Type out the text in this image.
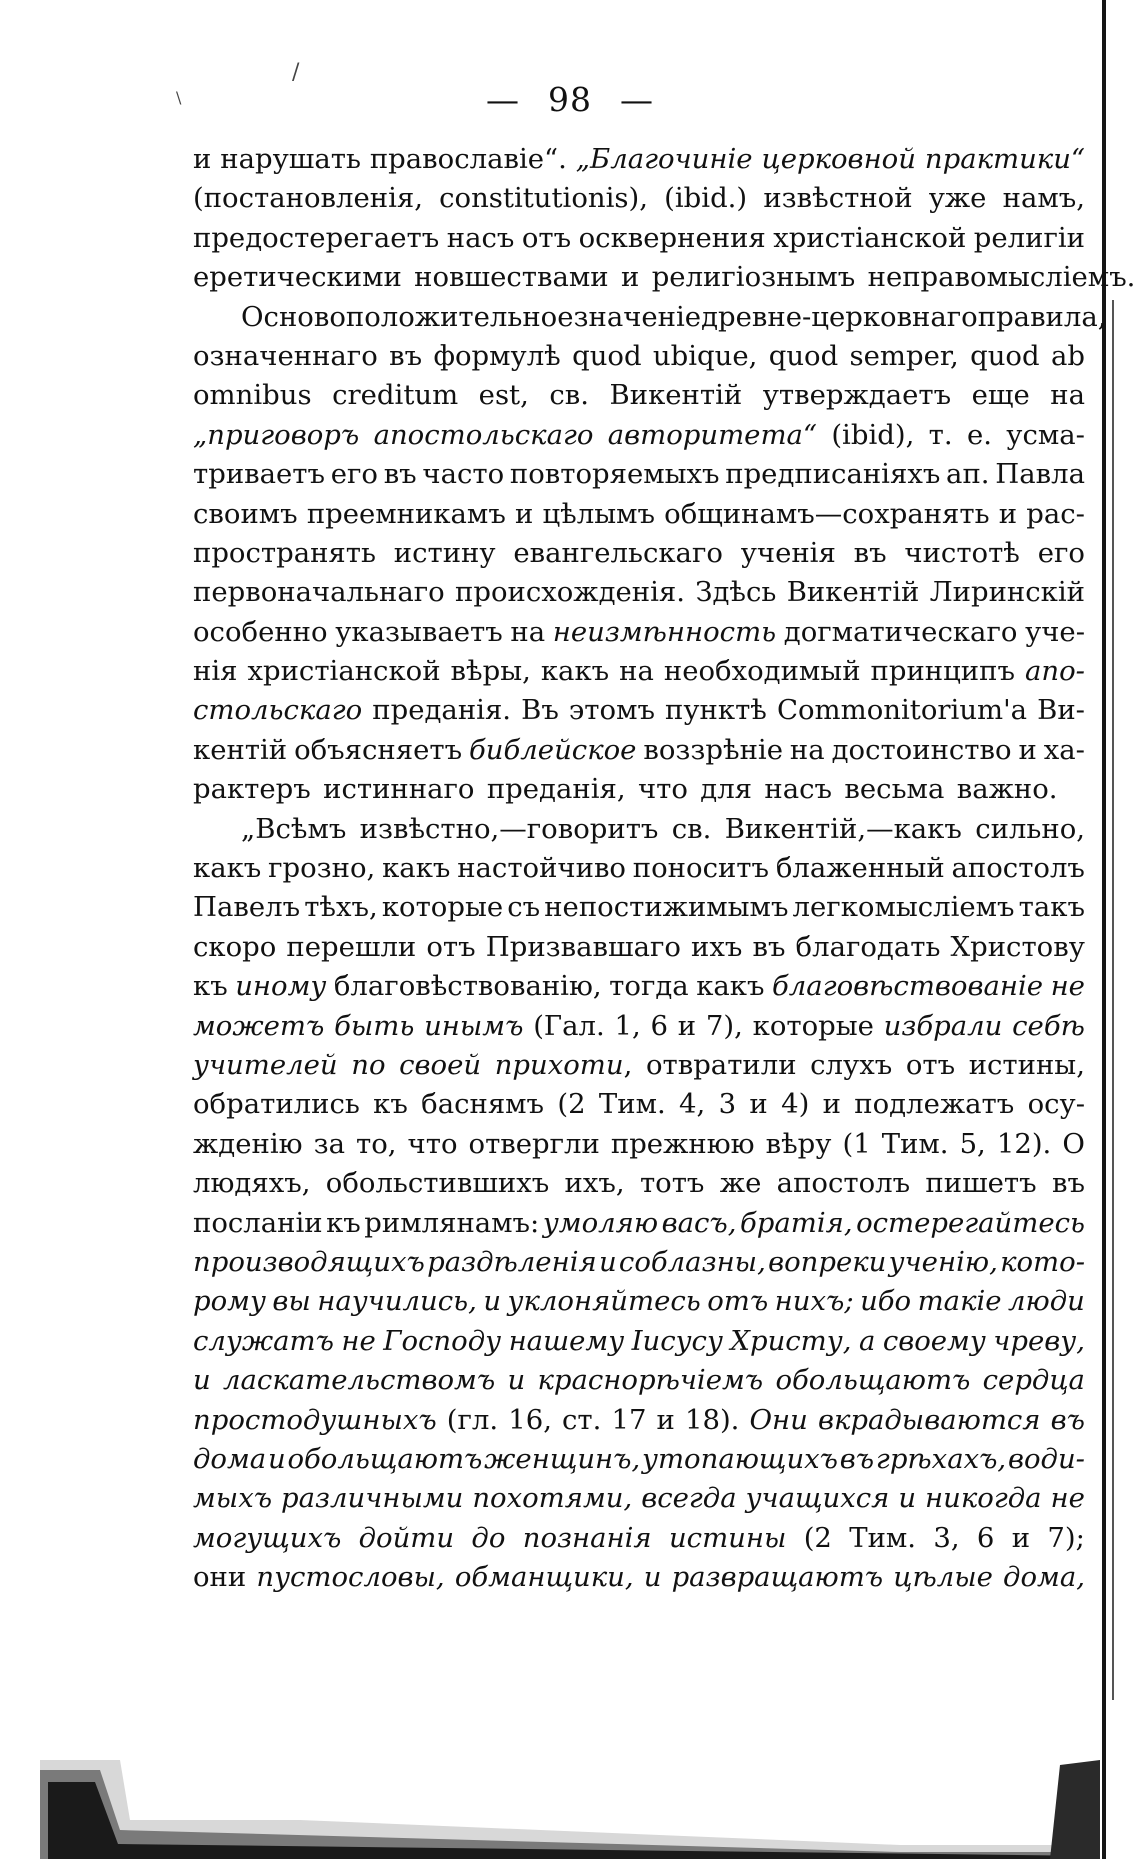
/
\	— 98 —
и нарушать православіе“. „Благочиніе церковной практики“
(постановленія, constitutionis), (ibid.) извѣстной уже намъ,
предостерегаетъ насъ отъ осквернения христіанской религіи
еретическими новшествами и религіознымъ неправомысліемъ.
Основоположительное значеніе древне-церковнаго правила,
означеннаго въ формулѣ quod ubique, quod semper, quod ab
omnibus creditum est, св. Викентій утверждаетъ еще на
„приговоръ апостольскаго авторитета“ (ibid), т. е. усма-
триваетъ его въ часто повторяемыхъ предписаніяхъ ап. Павла
своимъ преемникамъ и цѣлымъ общинамъ—сохранять и рас-
пространять истину евангельскаго ученія въ чистотѣ его
первоначальнаго происхожденія. Здѣсь Викентій Лиринскій
особенно указываетъ на неизмѣнность догматическаго уче-
нія христіанской вѣры, какъ на необходимый принципъ апо-
стольскаго преданія. Въ этомъ пунктѣ Commonitorium'а Ви-
кентій объясняетъ библейское воззрѣніе на достоинство и ха-
рактеръ истиннаго преданія, что для насъ весьма важно.
„Всѣмъ извѣстно,—говоритъ св. Викентій,—какъ сильно,
какъ грозно, какъ настойчиво поноситъ блаженный апостолъ
Павелъ тѣхъ, которые съ непостижимымъ легкомысліемъ такъ
скоро перешли отъ Призвавшаго ихъ въ благодать Христову
къ иному благовѣствованію, тогда какъ благовѣствованіе не
можетъ быть инымъ (Гал. 1, 6 и 7), которые избрали себѣ
учителей по своей прихоти, отвратили слухъ отъ истины,
обратились къ баснямъ (2 Тим. 4, 3 и 4) и подлежатъ осу-
жденію за то, что отвергли прежнюю вѣру (1 Тим. 5, 12). О
людяхъ, обольстившихъ ихъ, тотъ же апостолъ пишетъ въ
посланіи къ римлянамъ: умоляю васъ, братія, остерегайтесь
производящихъ раздѣленія и соблазны, вопреки ученію, кото-
рому вы научились, и уклоняйтесь отъ нихъ; ибо такіе люди
служатъ не Господу нашему Іисусу Христу, а своему чреву,
и ласкательствомъ и краснорѣчіемъ обольщаютъ сердца
простодушныхъ (гл. 16, ст. 17 и 18). Они вкрадываются въ
дома и обольщаютъ женщинъ, утопающихъ въ грѣхахъ, води-
мыхъ различными похотями, всегда учащихся и никогда не
могущихъ дойти до познанія истины (2 Тим. 3, 6 и 7);
они пустословы, обманщики, и развращаютъ цѣлые дома,
